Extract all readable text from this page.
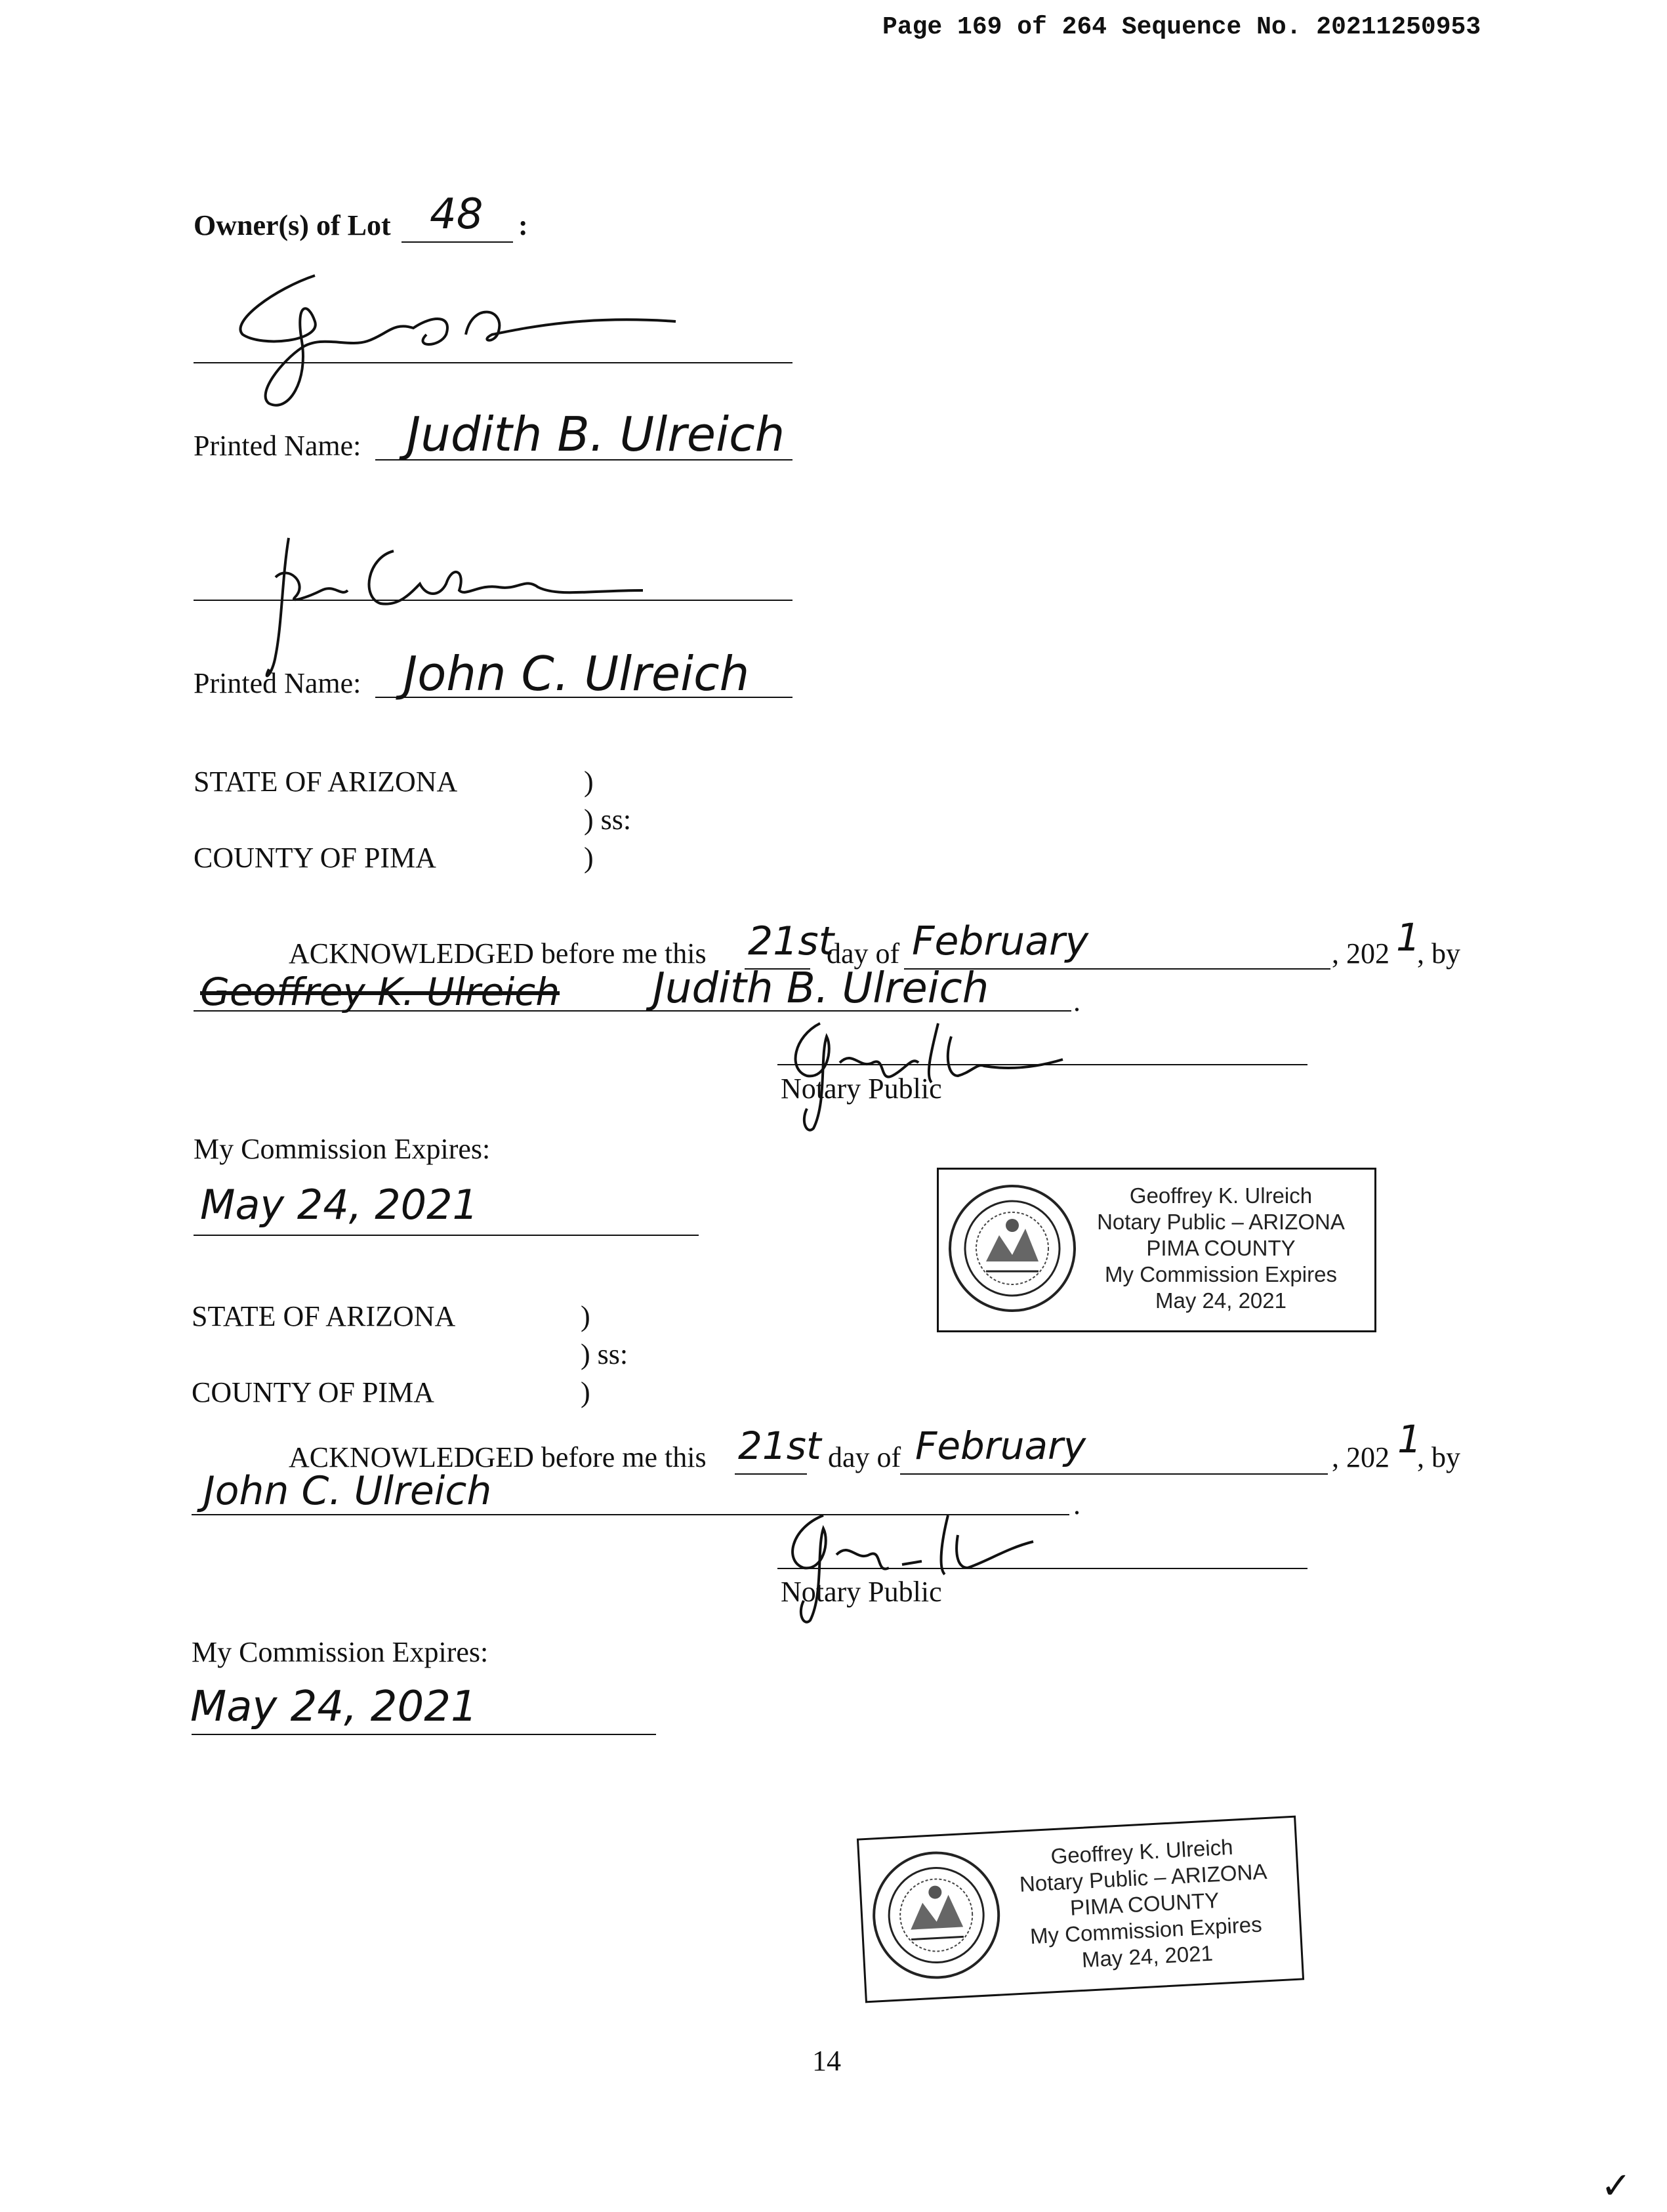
Page 169 of 264 Sequence No. 20211250953
Owner(s) of Lot 48 :
Printed Name: Judith B. Ulreich
Printed Name: John C. Ulreich
STATE OF ARIZONA	)
) ss:
COUNTY OF PIMA	)
ACKNOWLEDGED before me this 21st
day of February	, 202 1
, by
Geoffrey K. Ulreich Judith B. Ulreich	.
Notary Public
My Commission Expires:
May 24, 2021	Geoffrey K. Ulreich
Notary Public – ARIZONA
PIMA COUNTY
My Commission Expires
May 24, 2021
STATE OF ARIZONA	)
) ss:
COUNTY OF PIMA	)
ACKNOWLEDGED before me this 21st day of February	, 202 1
, by
John C. Ulreich	.
Notary Public
My Commission Expires:
May 24, 2021
Geoffrey K. Ulreich
Notary Public – ARIZONA
PIMA COUNTY
My Commission Expires
May 24, 2021
14
✓
